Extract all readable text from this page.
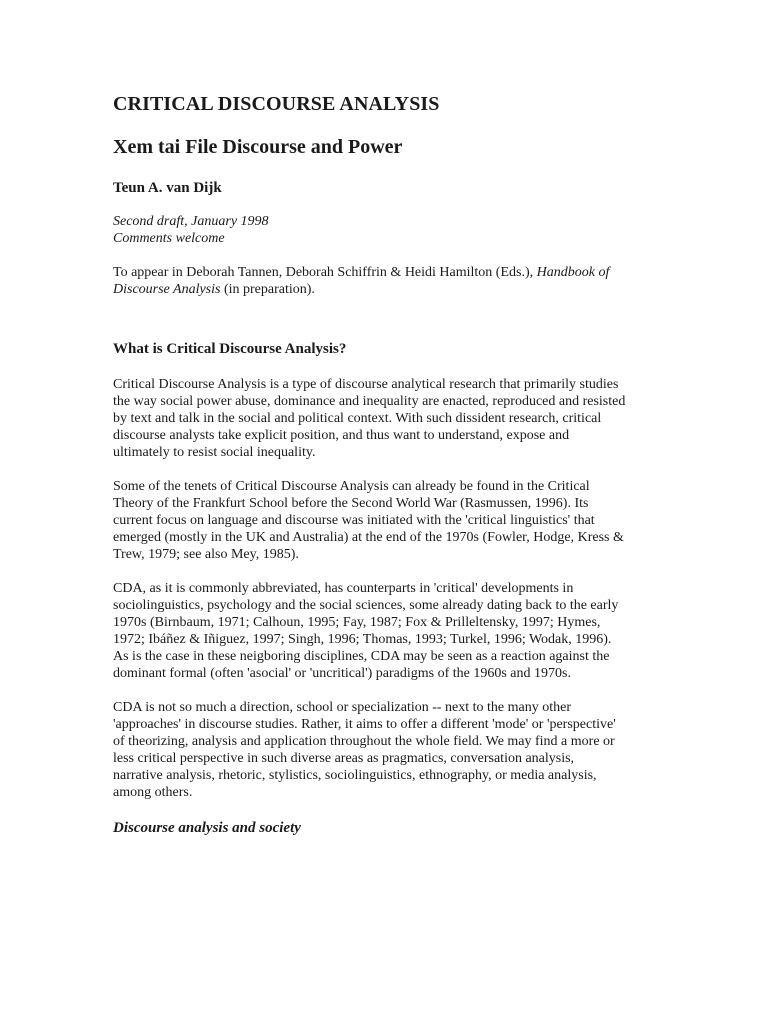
CRITICAL DISCOURSE ANALYSIS
Xem tai File Discourse and Power
Teun A. van Dijk
Second draft, January 1998
Comments welcome
To appear in Deborah Tannen, Deborah Schiffrin & Heidi Hamilton (Eds.), Handbook of Discourse Analysis (in preparation).
What is Critical Discourse Analysis?
Critical Discourse Analysis is a type of discourse analytical research that primarily studies
the way social power abuse, dominance and inequality are enacted, reproduced and resisted
by text and talk in the social and political context. With such dissident research, critical
discourse analysts take explicit position, and thus want to understand, expose and
ultimately to resist social inequality.
Some of the tenets of Critical Discourse Analysis can already be found in the Critical
Theory of the Frankfurt School before the Second World War (Rasmussen, 1996). Its
current focus on language and discourse was initiated with the 'critical linguistics' that
emerged (mostly in the UK and Australia) at the end of the 1970s (Fowler, Hodge, Kress &
Trew, 1979; see also Mey, 1985).
CDA, as it is commonly abbreviated, has counterparts in 'critical' developments in
sociolinguistics, psychology and the social sciences, some already dating back to the early
1970s (Birnbaum, 1971; Calhoun, 1995; Fay, 1987; Fox & Prilleltensky, 1997; Hymes,
1972; Ibáñez & Iñiguez, 1997; Singh, 1996; Thomas, 1993; Turkel, 1996; Wodak, 1996).
As is the case in these neigboring disciplines, CDA may be seen as a reaction against the
dominant formal (often 'asocial' or 'uncritical') paradigms of the 1960s and 1970s.
CDA is not so much a direction, school or specialization -- next to the many other
'approaches' in discourse studies. Rather, it aims to offer a different 'mode' or 'perspective'
of theorizing, analysis and application throughout the whole field. We may find a more or
less critical perspective in such diverse areas as pragmatics, conversation analysis,
narrative analysis, rhetoric, stylistics, sociolinguistics, ethnography, or media analysis,
among others.
Discourse analysis and society
